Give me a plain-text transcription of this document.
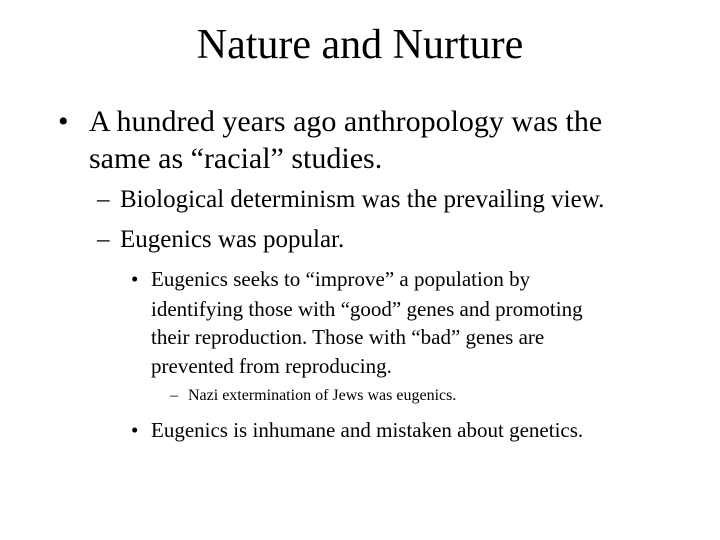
Nature and Nurture
• A hundred years ago anthropology was the
same as “racial” studies.
– Biological determinism was the prevailing view.
– Eugenics was popular.
• Eugenics seeks to “improve” a population by
identifying those with “good” genes and promoting
their reproduction. Those with “bad” genes are
prevented from reproducing.
– Nazi extermination of Jews was eugenics.
• Eugenics is inhumane and mistaken about genetics.
